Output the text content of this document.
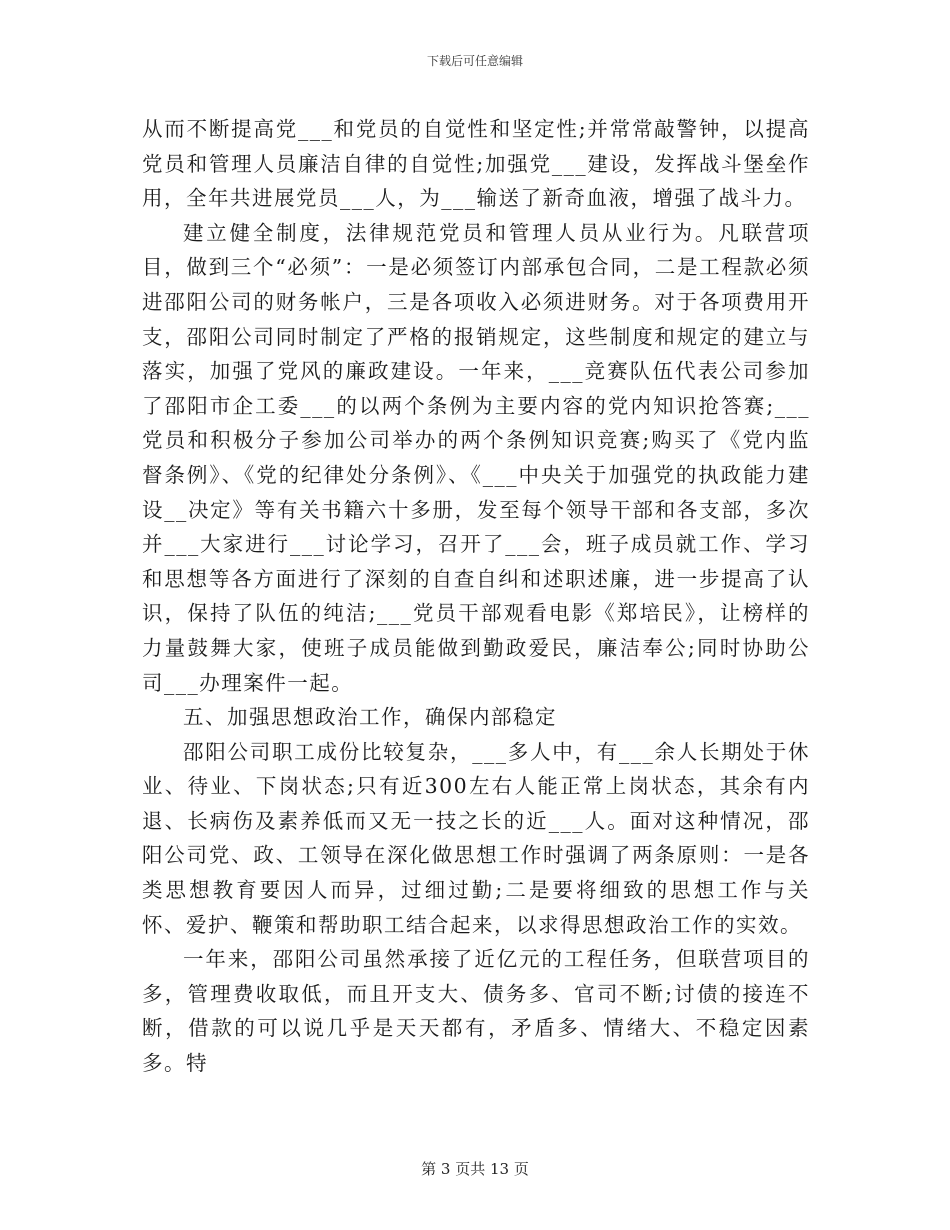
下载后可任意编辑

从而不断提高党___和党员的自觉性和坚定性;并常常敲警钟，以提高党员和管理人员廉洁自律的自觉性;加强党___建设，发挥战斗堡垒作用，全年共进展党员___人，为___输送了新奇血液，增强了战斗力。

建立健全制度，法律规范党员和管理人员从业行为。凡联营项目，做到三个“必须”：一是必须签订内部承包合同，二是工程款必须进邵阳公司的财务帐户，三是各项收入必须进财务。对于各项费用开支，邵阳公司同时制定了严格的报销规定，这些制度和规定的建立与落实，加强了党风的廉政建设。一年来，___竞赛队伍代表公司参加了邵阳市企工委___的以两个条例为主要内容的党内知识抢答赛;___党员和积极分子参加公司举办的两个条例知识竞赛;购买了《党内监督条例》、《党的纪律处分条例》、《___中央关于加强党的执政能力建设__决定》等有关书籍六十多册，发至每个领导干部和各支部，多次并___大家进行___讨论学习，召开了___会，班子成员就工作、学习和思想等各方面进行了深刻的自查自纠和述职述廉，进一步提高了认识，保持了队伍的纯洁;___党员干部观看电影《郑培民》，让榜样的力量鼓舞大家，使班子成员能做到勤政爱民，廉洁奉公;同时协助公司___办理案件一起。

五、加强思想政治工作，确保内部稳定

邵阳公司职工成份比较复杂，___多人中，有___余人长期处于休业、待业、下岗状态;只有近300左右人能正常上岗状态，其余有内退、长病伤及素养低而又无一技之长的近___人。面对这种情况，邵阳公司党、政、工领导在深化做思想工作时强调了两条原则：一是各类思想教育要因人而异，过细过勤;二是要将细致的思想工作与关怀、爱护、鞭策和帮助职工结合起来，以求得思想政治工作的实效。

一年来，邵阳公司虽然承接了近亿元的工程任务，但联营项目的多，管理费收取低，而且开支大、债务多、官司不断;讨债的接连不断，借款的可以说几乎是天天都有，矛盾多、情绪大、不稳定因素多。特

第 3 页共 13 页
